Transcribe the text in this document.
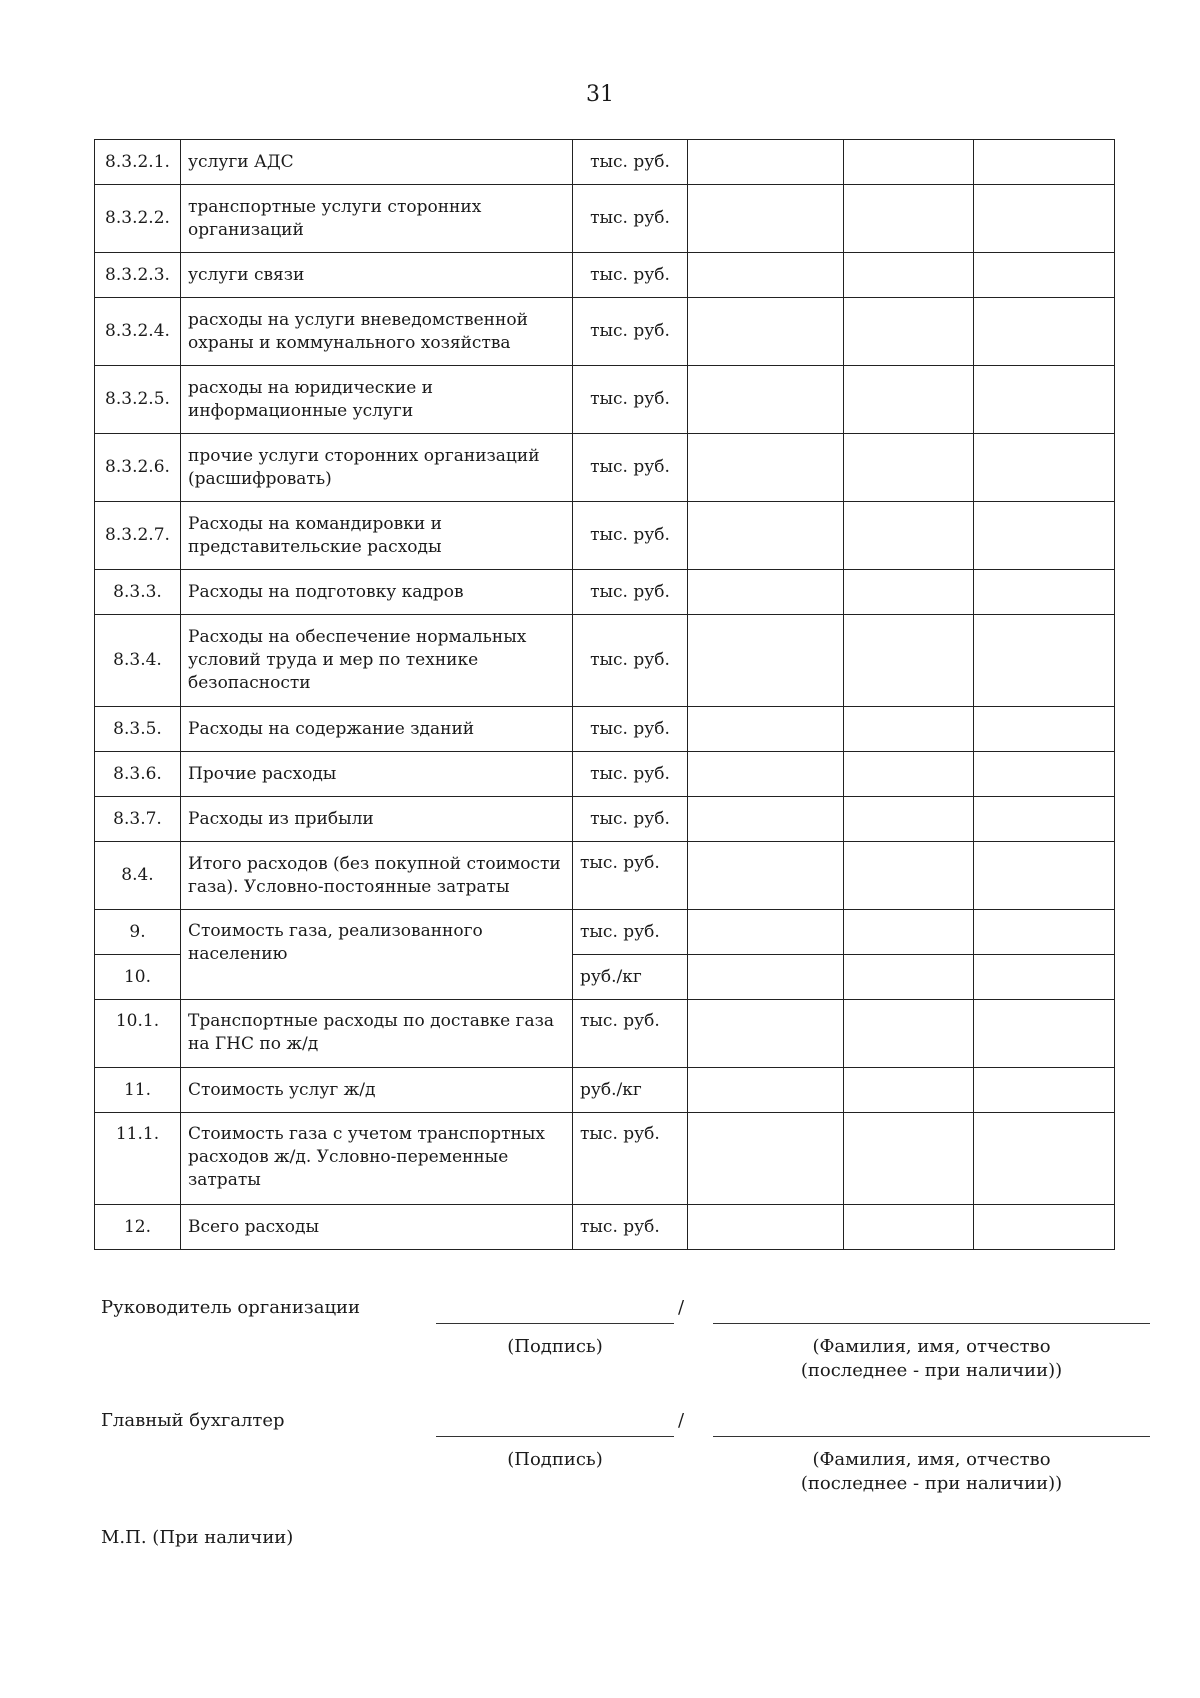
31
8.3.2.1.	услуги АДС	тыс. руб.			
8.3.2.2.	транспортные услуги сторонних организаций	тыс. руб.			
8.3.2.3.	услуги связи	тыс. руб.			
8.3.2.4.	расходы на услуги вневедомственной охраны и коммунального хозяйства	тыс. руб.			
8.3.2.5.	расходы на юридические и информационные услуги	тыс. руб.			
8.3.2.6.	прочие услуги сторонних организаций (расшифровать)	тыс. руб.			
8.3.2.7.	Расходы на командировки и представительские расходы	тыс. руб.			
8.3.3.	Расходы на подготовку кадров	тыс. руб.			
8.3.4.	Расходы на обеспечение нормальных условий труда и мер по технике безопасности	тыс. руб.			
8.3.5.	Расходы на содержание зданий	тыс. руб.			
8.3.6.	Прочие расходы	тыс. руб.			
8.3.7.	Расходы из прибыли	тыс. руб.			
8.4.	Итого расходов (без покупной стоимости газа). Условно-постоянные затраты	тыс. руб.			
9.	Стоимость газа, реализованного населению	тыс. руб.			
10.		руб./кг			
10.1.	Транспортные расходы по доставке газа на ГНС по ж/д	тыс. руб.			
11.	Стоимость услуг ж/д	руб./кг			
11.1.	Стоимость газа с учетом транспортных расходов ж/д. Условно-переменные затраты	тыс. руб.			
12.	Всего расходы	тыс. руб.			
Руководитель организации	/
(Подпись)	(Фамилия, имя, отчество
(последнее - при наличии))
Главный бухгалтер	/
(Подпись)	(Фамилия, имя, отчество
(последнее - при наличии))
М.П. (При наличии)
